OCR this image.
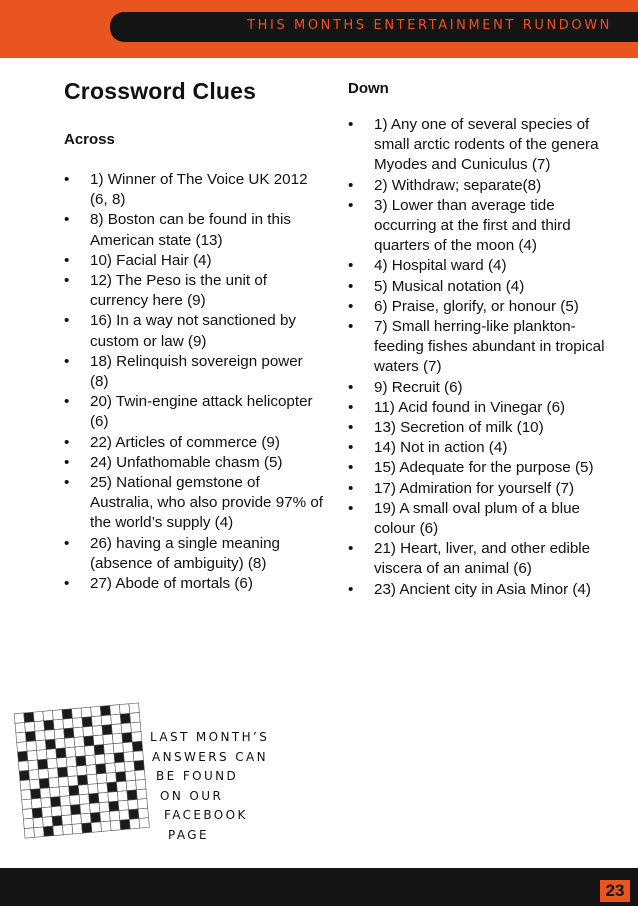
THIS MONTHS ENTERTAINMENT RUNDOWN
Crossword Clues
Across
• 1) Winner of The Voice UK 2012 (6, 8)
• 8) Boston can be found in this American state (13)
• 10) Facial Hair (4)
• 12) The Peso is the unit of currency here (9)
• 16) In a way not sanctioned by custom or law (9)
• 18) Relinquish sovereign power (8)
• 20) Twin-engine attack helicopter (6)
• 22) Articles of commerce (9)
• 24) Unfathomable chasm (5)
• 25) National gemstone of Australia, who also provide 97% of the world’s supply (4)
• 26) having a single meaning (absence of ambiguity) (8)
• 27) Abode of mortals (6)
Down
• 1) Any one of several species of small arctic rodents of the genera Myodes and Cuniculus (7)
• 2) Withdraw; separate(8)
• 3) Lower than average tide occurring at the first and third quarters of the moon (4)
• 4) Hospital ward (4)
• 5) Musical notation (4)
• 6) Praise, glorify, or honour (5)
• 7) Small herring-like plankton-feeding fishes abundant in tropical waters (7)
• 9) Recruit (6)
• 11) Acid found in Vinegar (6)
• 13) Secretion of milk (10)
• 14) Not in action (4)
• 15) Adequate for the purpose (5)
• 17) Admiration for yourself (7)
• 19) A small oval plum of a blue colour (6)
• 21) Heart, liver, and other edible viscera of an animal (6)
• 23) Ancient city in Asia Minor (4)
LAST MONTH’S
ANSWERS CAN
BE FOUND
ON OUR
FACEBOOK
PAGE
23
